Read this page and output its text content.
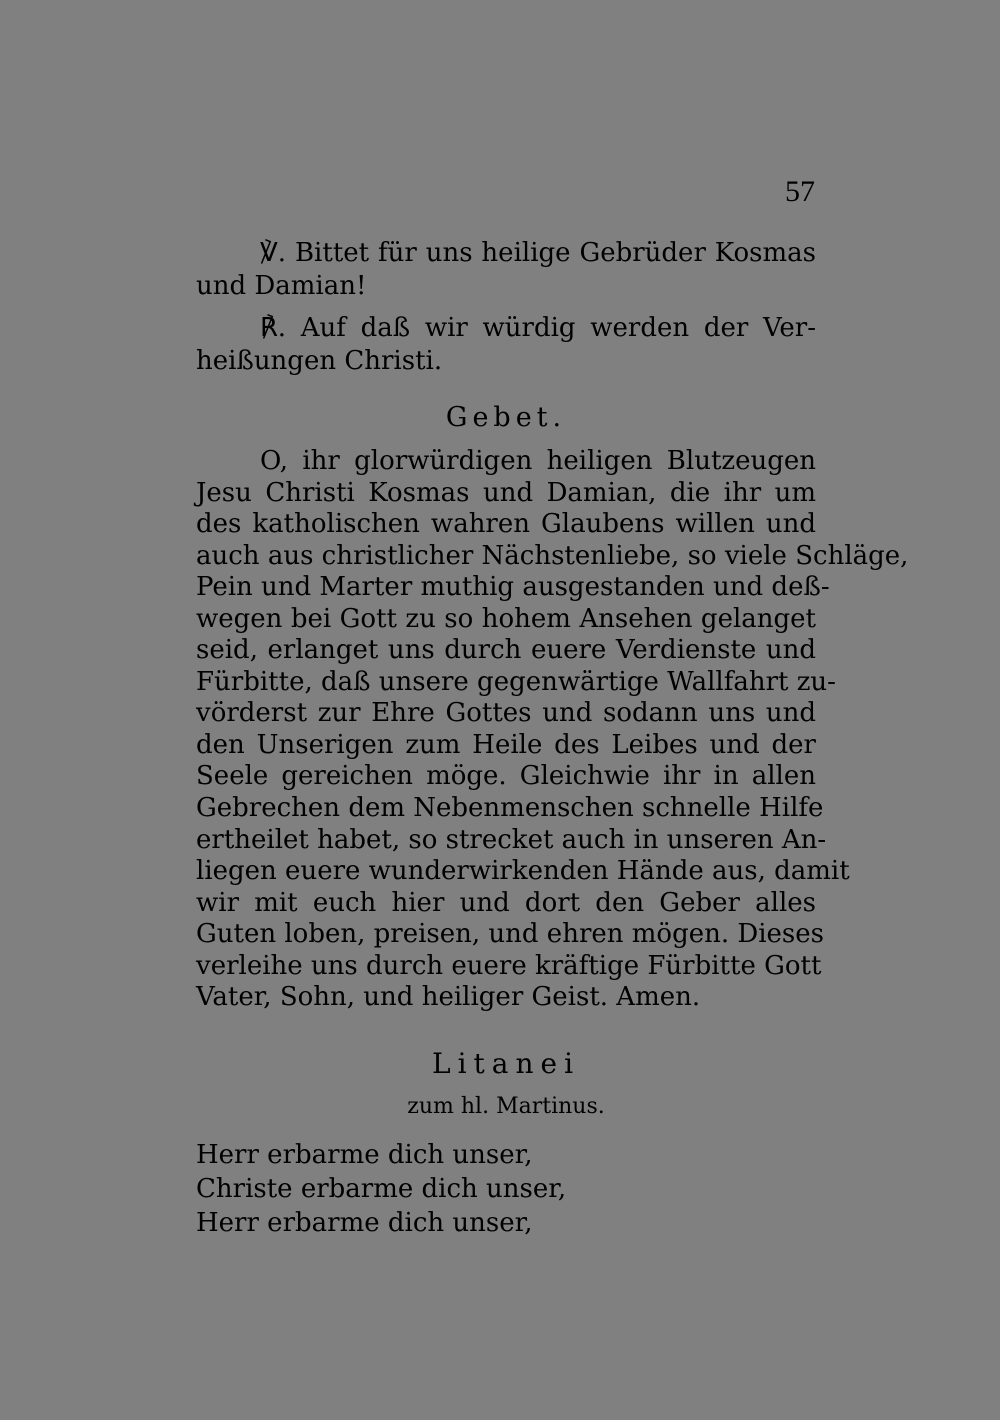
57
℣. Bittet für uns heilige Gebrüder Kosmas
und Damian!
℟. Auf daß wir würdig werden der Ver-
heißungen Christi.
Gebet.
O, ihr glorwürdigen heiligen Blutzeugen
Jesu Christi Kosmas und Damian, die ihr um
des katholischen wahren Glaubens willen und
auch aus christlicher Nächstenliebe, so viele Schläge,
Pein und Marter muthig ausgestanden und deß-
wegen bei Gott zu so hohem Ansehen gelanget
seid, erlanget uns durch euere Verdienste und
Fürbitte, daß unsere gegenwärtige Wallfahrt zu-
vörderst zur Ehre Gottes und sodann uns und
den Unserigen zum Heile des Leibes und der
Seele gereichen möge. Gleichwie ihr in allen
Gebrechen dem Nebenmenschen schnelle Hilfe
ertheilet habet, so strecket auch in unseren An-
liegen euere wunderwirkenden Hände aus, damit
wir mit euch hier und dort den Geber alles
Guten loben, preisen, und ehren mögen. Dieses
verleihe uns durch euere kräftige Fürbitte Gott
Vater, Sohn, und heiliger Geist. Amen.
Litanei
zum hl. Martinus.
Herr erbarme dich unser,
Christe erbarme dich unser,
Herr erbarme dich unser,
